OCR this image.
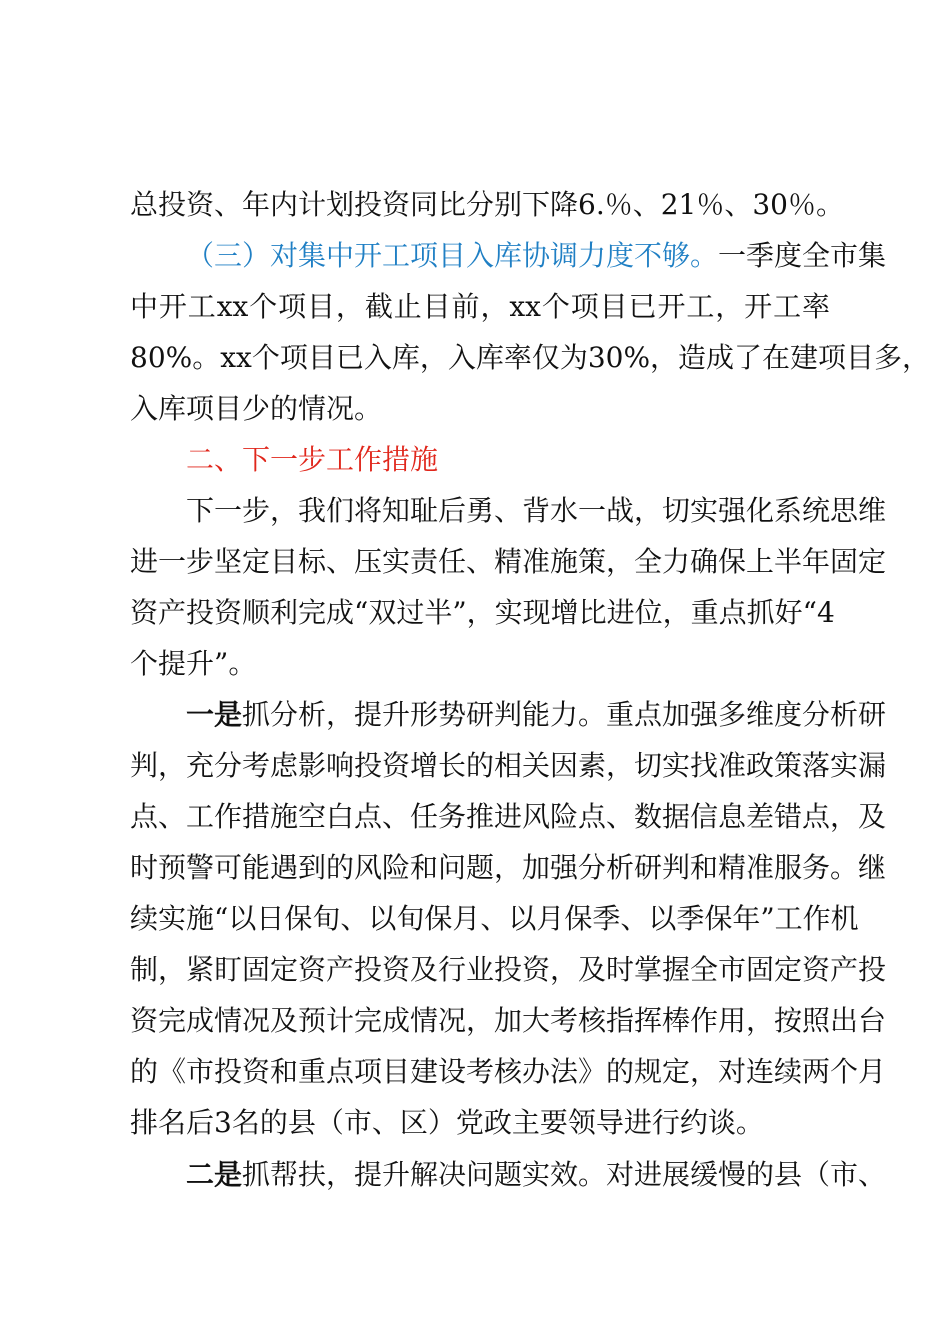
总投资、年内计划投资同比分别下降6.％、21％、30％。
（三）对集中开工项目入库协调力度不够。一季度全市集
中开工xx个项目，截止目前，xx个项目已开工，开工率
80%。xx个项目已入库，入库率仅为30%，造成了在建项目多，
入库项目少的情况。
二、下一步工作措施
下一步，我们将知耻后勇、背水一战，切实强化系统思维
进一步坚定目标、压实责任、精准施策，全力确保上半年固定
资产投资顺利完成“双过半”，实现增比进位，重点抓好“4
个提升”。
一是抓分析，提升形势研判能力。重点加强多维度分析研
判，充分考虑影响投资增长的相关因素，切实找准政策落实漏
点、工作措施空白点、任务推进风险点、数据信息差错点，及
时预警可能遇到的风险和问题，加强分析研判和精准服务。继
续实施“以日保旬、以旬保月、以月保季、以季保年”工作机
制，紧盯固定资产投资及行业投资，及时掌握全市固定资产投
资完成情况及预计完成情况，加大考核指挥棒作用，按照出台
的《市投资和重点项目建设考核办法》的规定，对连续两个月
排名后3名的县（市、区）党政主要领导进行约谈。
二是抓帮扶，提升解决问题实效。对进展缓慢的县（市、
